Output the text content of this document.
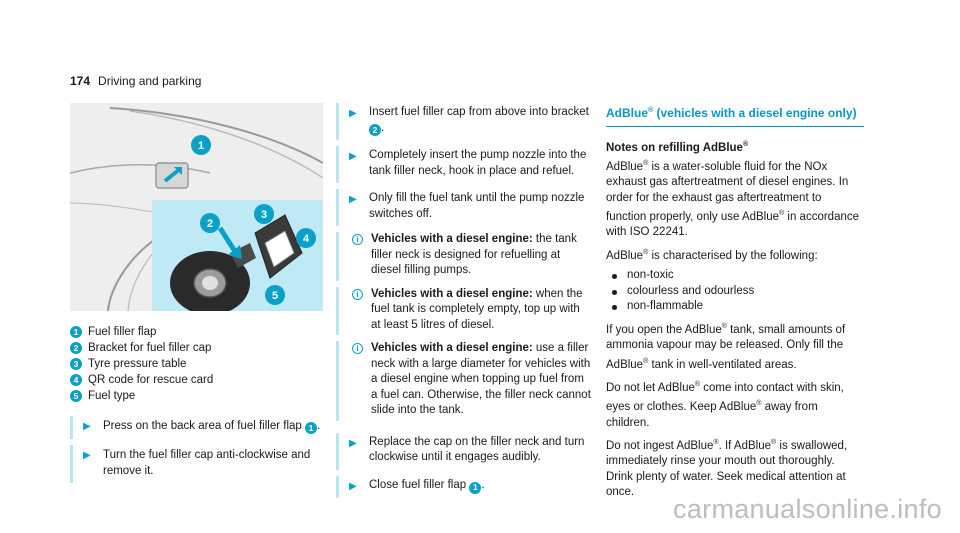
174 Driving and parking
1
2
3
4
5
1 Fuel filler flap
2 Bracket for fuel filler cap
3 Tyre pressure table
4 QR code for rescue card
5 Fuel type
▶ Press on the back area of fuel filler flap 1 .
▶ Turn the fuel filler cap anti-clockwise and remove it.
▶ Insert fuel filler cap from above into bracket 2 .
▶ Completely insert the pump nozzle into the tank filler neck, hook in place and refuel.
▶ Only fill the fuel tank until the pump nozzle switches off.
i	Vehicles with a diesel engine: the tank filler neck is designed for refuelling at diesel filling pumps.
i	Vehicles with a diesel engine: when the fuel tank is completely empty, top up with at least 5 litres of diesel.
i	Vehicles with a diesel engine: use a filler neck with a large diameter for vehicles with a diesel engine when topping up fuel from a fuel can. Otherwise, the filler neck cannot slide into the tank.
▶ Replace the cap on the filler neck and turn clockwise until it engages audibly.
▶ Close fuel filler flap 1 .
AdBlue® (vehicles with a diesel engine only)
Notes on refilling AdBlue®

AdBlue® is a water-soluble fluid for the NOx exhaust gas aftertreatment of diesel engines. In order for the exhaust gas aftertreatment to function properly, only use AdBlue® in accordance with ISO 22241.

AdBlue® is characterised by the following:

non-toxic
colourless and odourless
non-flammable

If you open the AdBlue® tank, small amounts of ammonia vapour may be released. Only fill the AdBlue® tank in well-ventilated areas.

Do not let AdBlue® come into contact with skin, eyes or clothes. Keep AdBlue® away from children.

Do not ingest AdBlue®. If AdBlue® is swallowed, immediately rinse your mouth out thoroughly. Drink plenty of water. Seek medical attention at once.

carmanualsonline.info
